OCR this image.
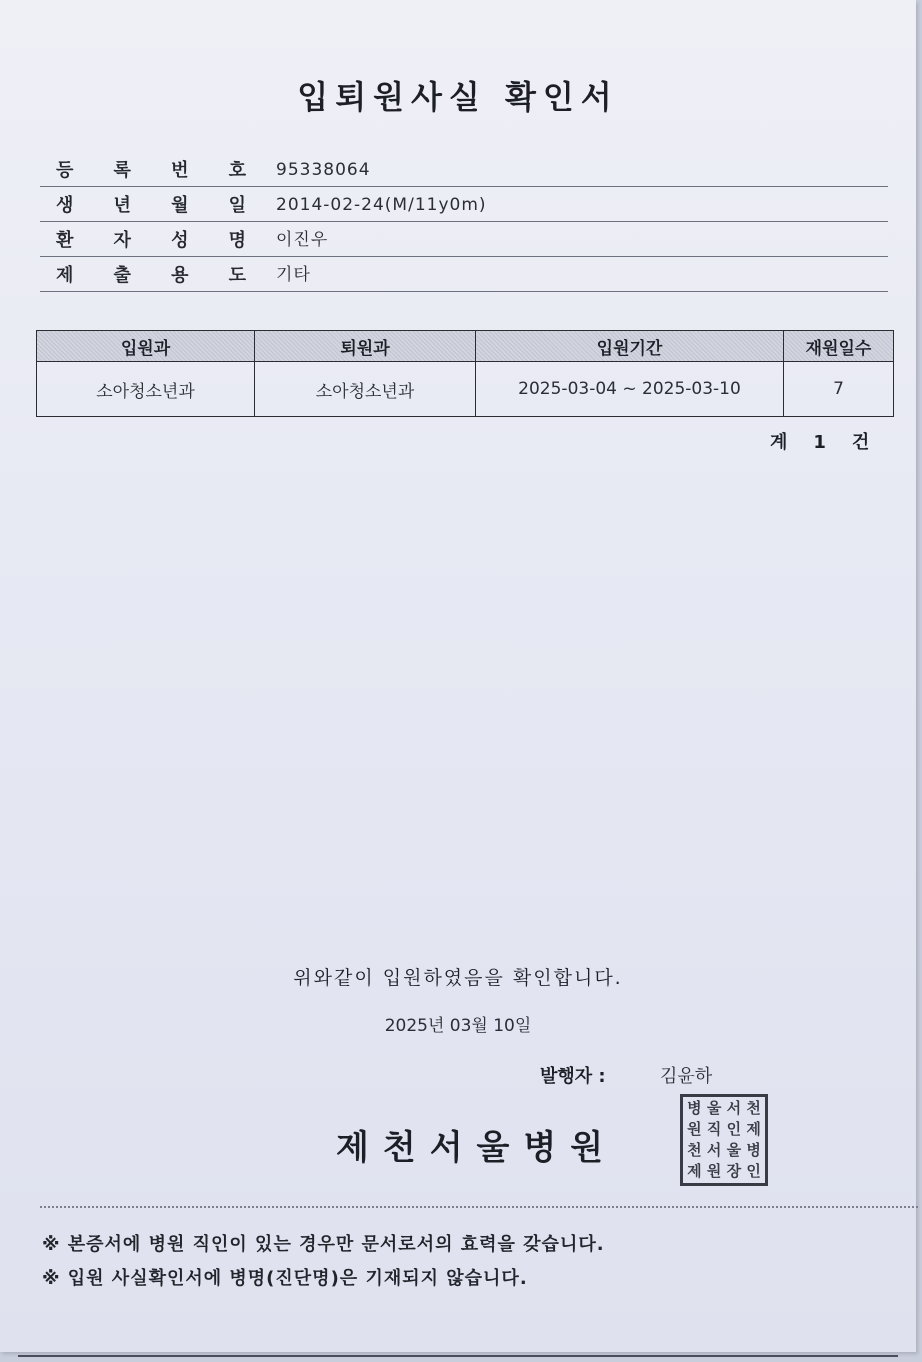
입퇴원사실 확인서
등 록 번 호 95338064
생 년 월 일 2014-02-24(M/11y0m)
환 자 성 명 이진우
제 출 용 도 기타
입원과	퇴원과	입원기간	재원일수
소아청소년과	소아청소년과	2025-03-04 ~ 2025-03-10	7
계 1 건
위와같이 입원하였음을 확인합니다.
2025년 03월 10일
발행자 :	김윤하
제천서울병원
병 울 서 천
원 직 인 제
천 서 울 병
제 원 장 인
※ 본증서에 병원 직인이 있는 경우만 문서로서의 효력을 갖습니다.
※ 입원 사실확인서에 병명(진단명)은 기재되지 않습니다.
